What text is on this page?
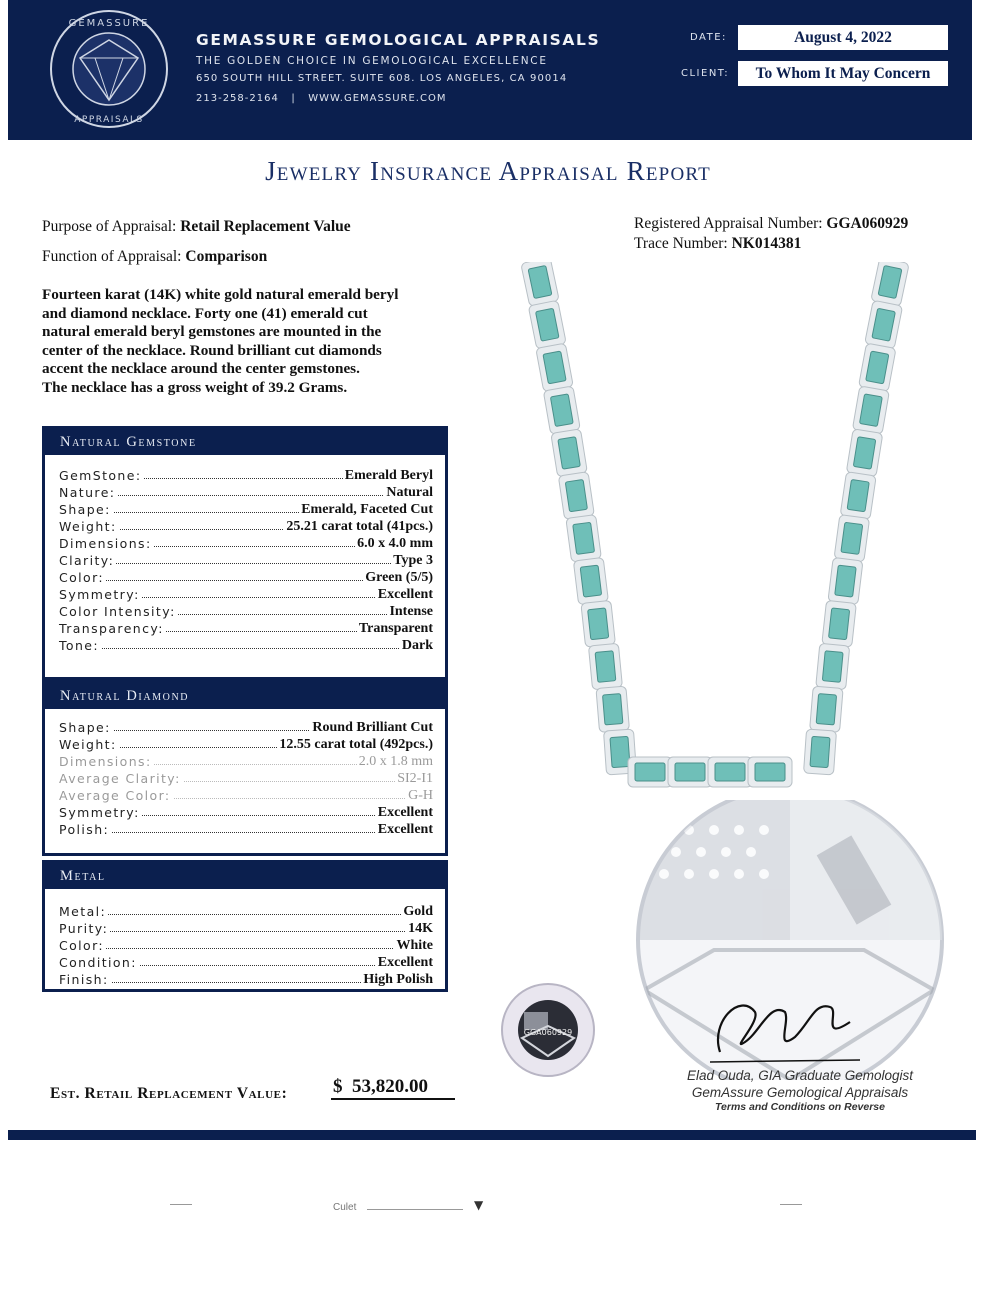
GEMASSURE
APPRAISALS
GEMASSURE GEMOLOGICAL APPRAISALS
THE GOLDEN CHOICE IN GEMOLOGICAL EXCELLENCE
650 SOUTH HILL STREET. SUITE 608. LOS ANGELES, CA 90014
213-258-2164   |   WWW.GEMASSURE.COM
DATE:	August 4, 2022
CLIENT:	To Whom It May Concern
Jewelry Insurance Appraisal Report
Purpose of Appraisal: Retail Replacement Value
Function of Appraisal: Comparison
Registered Appraisal Number: GGA060929
Trace Number: NK014381
Fourteen karat (14K) white gold natural emerald beryl
and diamond necklace. Forty one (41) emerald cut
natural emerald beryl gemstones are mounted in the
center of the necklace. Round brilliant cut diamonds
accent the necklace around the center gemstones.
The necklace has a gross weight of 39.2 Grams.
Natural Gemstone
GemStone:	Emerald Beryl
Nature:	Natural
Shape:	Emerald, Faceted Cut
Weight:	25.21 carat total (41pcs.)
Dimensions:	6.0 x 4.0 mm
Clarity:	Type 3
Color:	Green (5/5)
Symmetry:	Excellent
Color Intensity:	Intense
Transparency:	Transparent
Tone:	Dark
Natural Diamond
Shape:	Round Brilliant Cut
Weight:	12.55 carat total (492pcs.)
Dimensions:	2.0 x 1.8 mm
Average Clarity:	SI2-I1
Average Color:	G-H
Symmetry:	Excellent
Polish:	Excellent
Metal
Metal:	Gold
Purity:	14K
Color:	White
Condition:	Excellent
Finish:	High Polish
GGA060929
Elad Ouda, GIA Graduate Gemologist
GemAssure Gemological Appraisals
Terms and Conditions on Reverse
Est. Retail Replacement Value: $  53,820.00
Culet	▼
